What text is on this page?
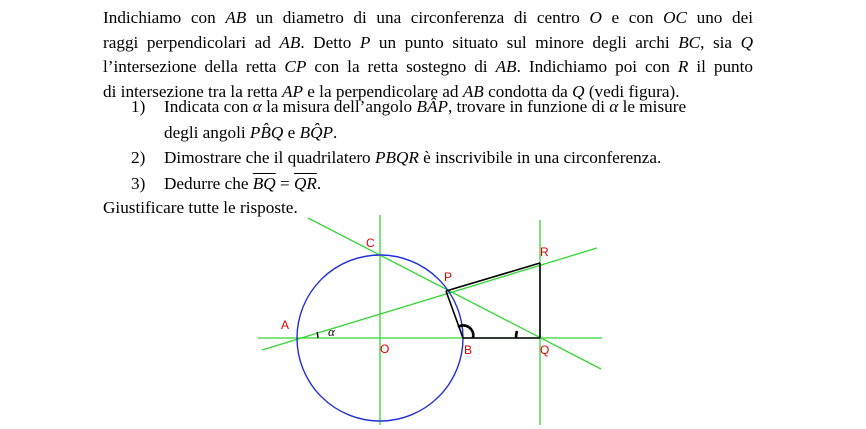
Indichiamo con AB un diametro di una circonferenza di centro O e con OC uno dei
raggi perpendicolari ad AB. Detto P un punto situato sul minore degli archi BC, sia Q
l’intersezione della retta CP con la retta sostegno di AB. Indichiamo poi con R il punto
di intersezione tra la retta AP e la perpendicolare ad AB condotta da Q (vedi figura).
1) Indicata con α la misura dell’angolo BÂP, trovare in funzione di α le misure
degli angoli PB̂Q e BQ̂P.
2) Dimostrare che il quadrilatero PBQR è inscrivibile in una circonferenza.
3) Dedurre che $\overline{BQ} = \overline{QR}$.
Giustificare tutte le risposte.
A
B
C
O
P
Q
R
α
